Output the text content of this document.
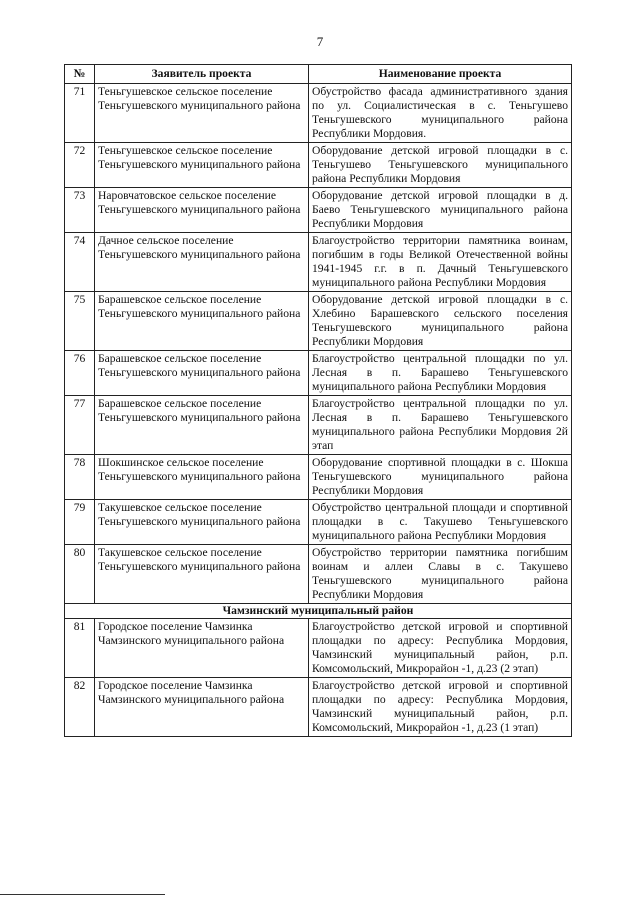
7
№	Заявитель проекта	Наименование проекта
71	Теньгушевское сельское поселение Теньгушевского муниципального района	Обустройство фасада административного здания по ул. Социалистическая в с. Теньгушево Теньгушевского муниципального района Республики Мордовия.
72	Теньгушевское сельское поселение Теньгушевского муниципального района	Оборудование детской игровой площадки в с. Теньгушево Теньгушевского муниципального района Республики Мордовия
73	Наровчатовское сельское поселение Теньгушевского муниципального района	Оборудование детской игровой площадки в д. Баево Теньгушевского муниципального района Республики Мордовия
74	Дачное сельское поселение Теньгушевского муниципального района	Благоустройство территории памятника воинам, погибшим в годы Великой Отечественной войны 1941-1945 г.г. в п. Дачный Теньгушевского муниципального района Республики Мордовия
75	Барашевское сельское поселение Теньгушевского муниципального района	Оборудование детской игровой площадки в с. Хлебино Барашевского сельского поселения Теньгушевского муниципального района Республики Мордовия
76	Барашевское сельское поселение Теньгушевского муниципального района	Благоустройство центральной площадки по ул. Лесная в п. Барашево Теньгушевского муниципального района Республики Мордовия
77	Барашевское сельское поселение Теньгушевского муниципального района	Благоустройство центральной площадки по ул. Лесная в п. Барашево Теньгушевского муниципального района Республики Мордовия 2й этап
78	Шокшинское сельское поселение Теньгушевского муниципального района	Оборудование спортивной площадки в с. Шокша Теньгушевского муниципального района Республики Мордовия
79	Такушевское сельское поселение Теньгушевского муниципального района	Обустройство центральной площади и спортивной площадки в с. Такушево Теньгушевского муниципального района Республики Мордовия
80	Такушевское сельское поселение Теньгушевского муниципального района	Обустройство территории памятника погибшим воинам и аллеи Славы в с. Такушево Теньгушевского муниципального района Республики Мордовия
Чамзинский муниципальный район		
81	Городское поселение Чамзинка Чамзинского муниципального района	Благоустройство детской игровой и спортивной площадки по адресу: Республика Мордовия, Чамзинский муниципальный район, р.п. Комсомольский, Микрорайон -1, д.23 (2 этап)
82	Городское поселение Чамзинка Чамзинского муниципального района	Благоустройство детской игровой и спортивной площадки по адресу: Республика Мордовия, Чамзинский муниципальный район, р.п. Комсомольский, Микрорайон -1, д.23 (1 этап)
